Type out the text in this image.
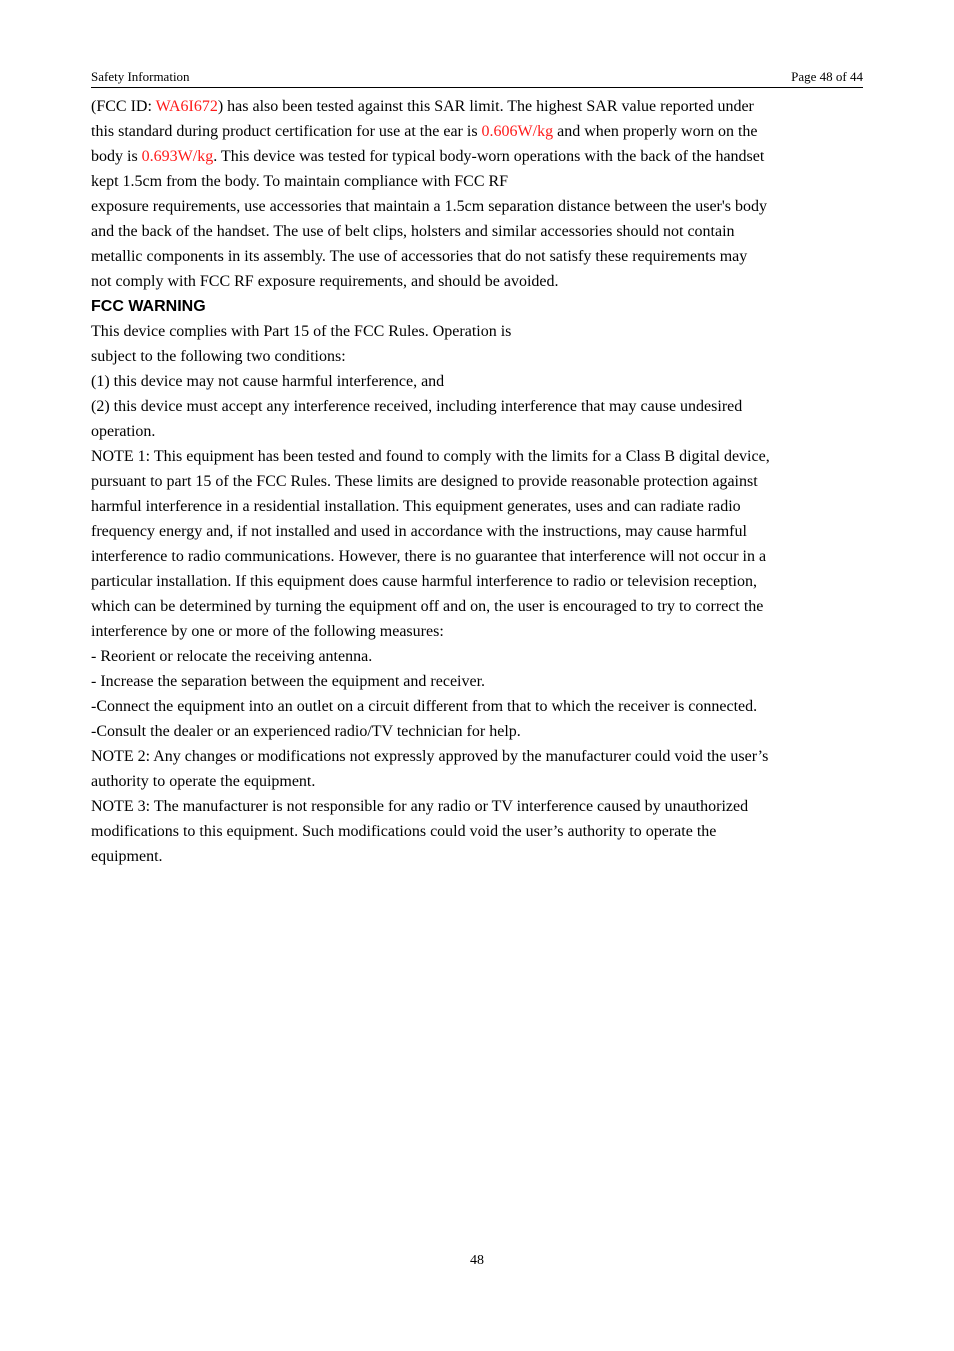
Safety Information	Page 48 of 44

(FCC ID: WA6I672) has also been tested against this SAR limit. The highest SAR value reported under this standard during product certification for use at the ear is 0.606W/kg and when properly worn on the body is 0.693W/kg. This device was tested for typical body-worn operations with the back of the handset kept 1.5cm from the body. To maintain compliance with FCC RF

exposure requirements, use accessories that maintain a 1.5cm separation distance between the user's body and the back of the handset. The use of belt clips, holsters and similar accessories should not contain metallic components in its assembly. The use of accessories that do not satisfy these requirements may not comply with FCC RF exposure requirements, and should be avoided.

FCC WARNING

This device complies with Part 15 of the FCC Rules. Operation is

subject to the following two conditions:

(1) this device may not cause harmful interference, and

(2) this device must accept any interference received, including interference that may cause undesired operation.

NOTE 1: This equipment has been tested and found to comply with the limits for a Class B digital device, pursuant to part 15 of the FCC Rules. These limits are designed to provide reasonable protection against harmful interference in a residential installation. This equipment generates, uses and can radiate radio frequency energy and, if not installed and used in accordance with the instructions, may cause harmful interference to radio communications. However, there is no guarantee that interference will not occur in a particular installation. If this equipment does cause harmful interference to radio or television reception, which can be determined by turning the equipment off and on, the user is encouraged to try to correct the interference by one or more of the following measures:

- Reorient or relocate the receiving antenna.

- Increase the separation between the equipment and receiver.

-Connect the equipment into an outlet on a circuit different from that to which the receiver is connected.

-Consult the dealer or an experienced radio/TV technician for help.

NOTE 2: Any changes or modifications not expressly approved by the manufacturer could void the user’s authority to operate the equipment.

NOTE 3: The manufacturer is not responsible for any radio or TV interference caused by unauthorized modifications to this equipment. Such modifications could void the user’s authority to operate the equipment.

48
